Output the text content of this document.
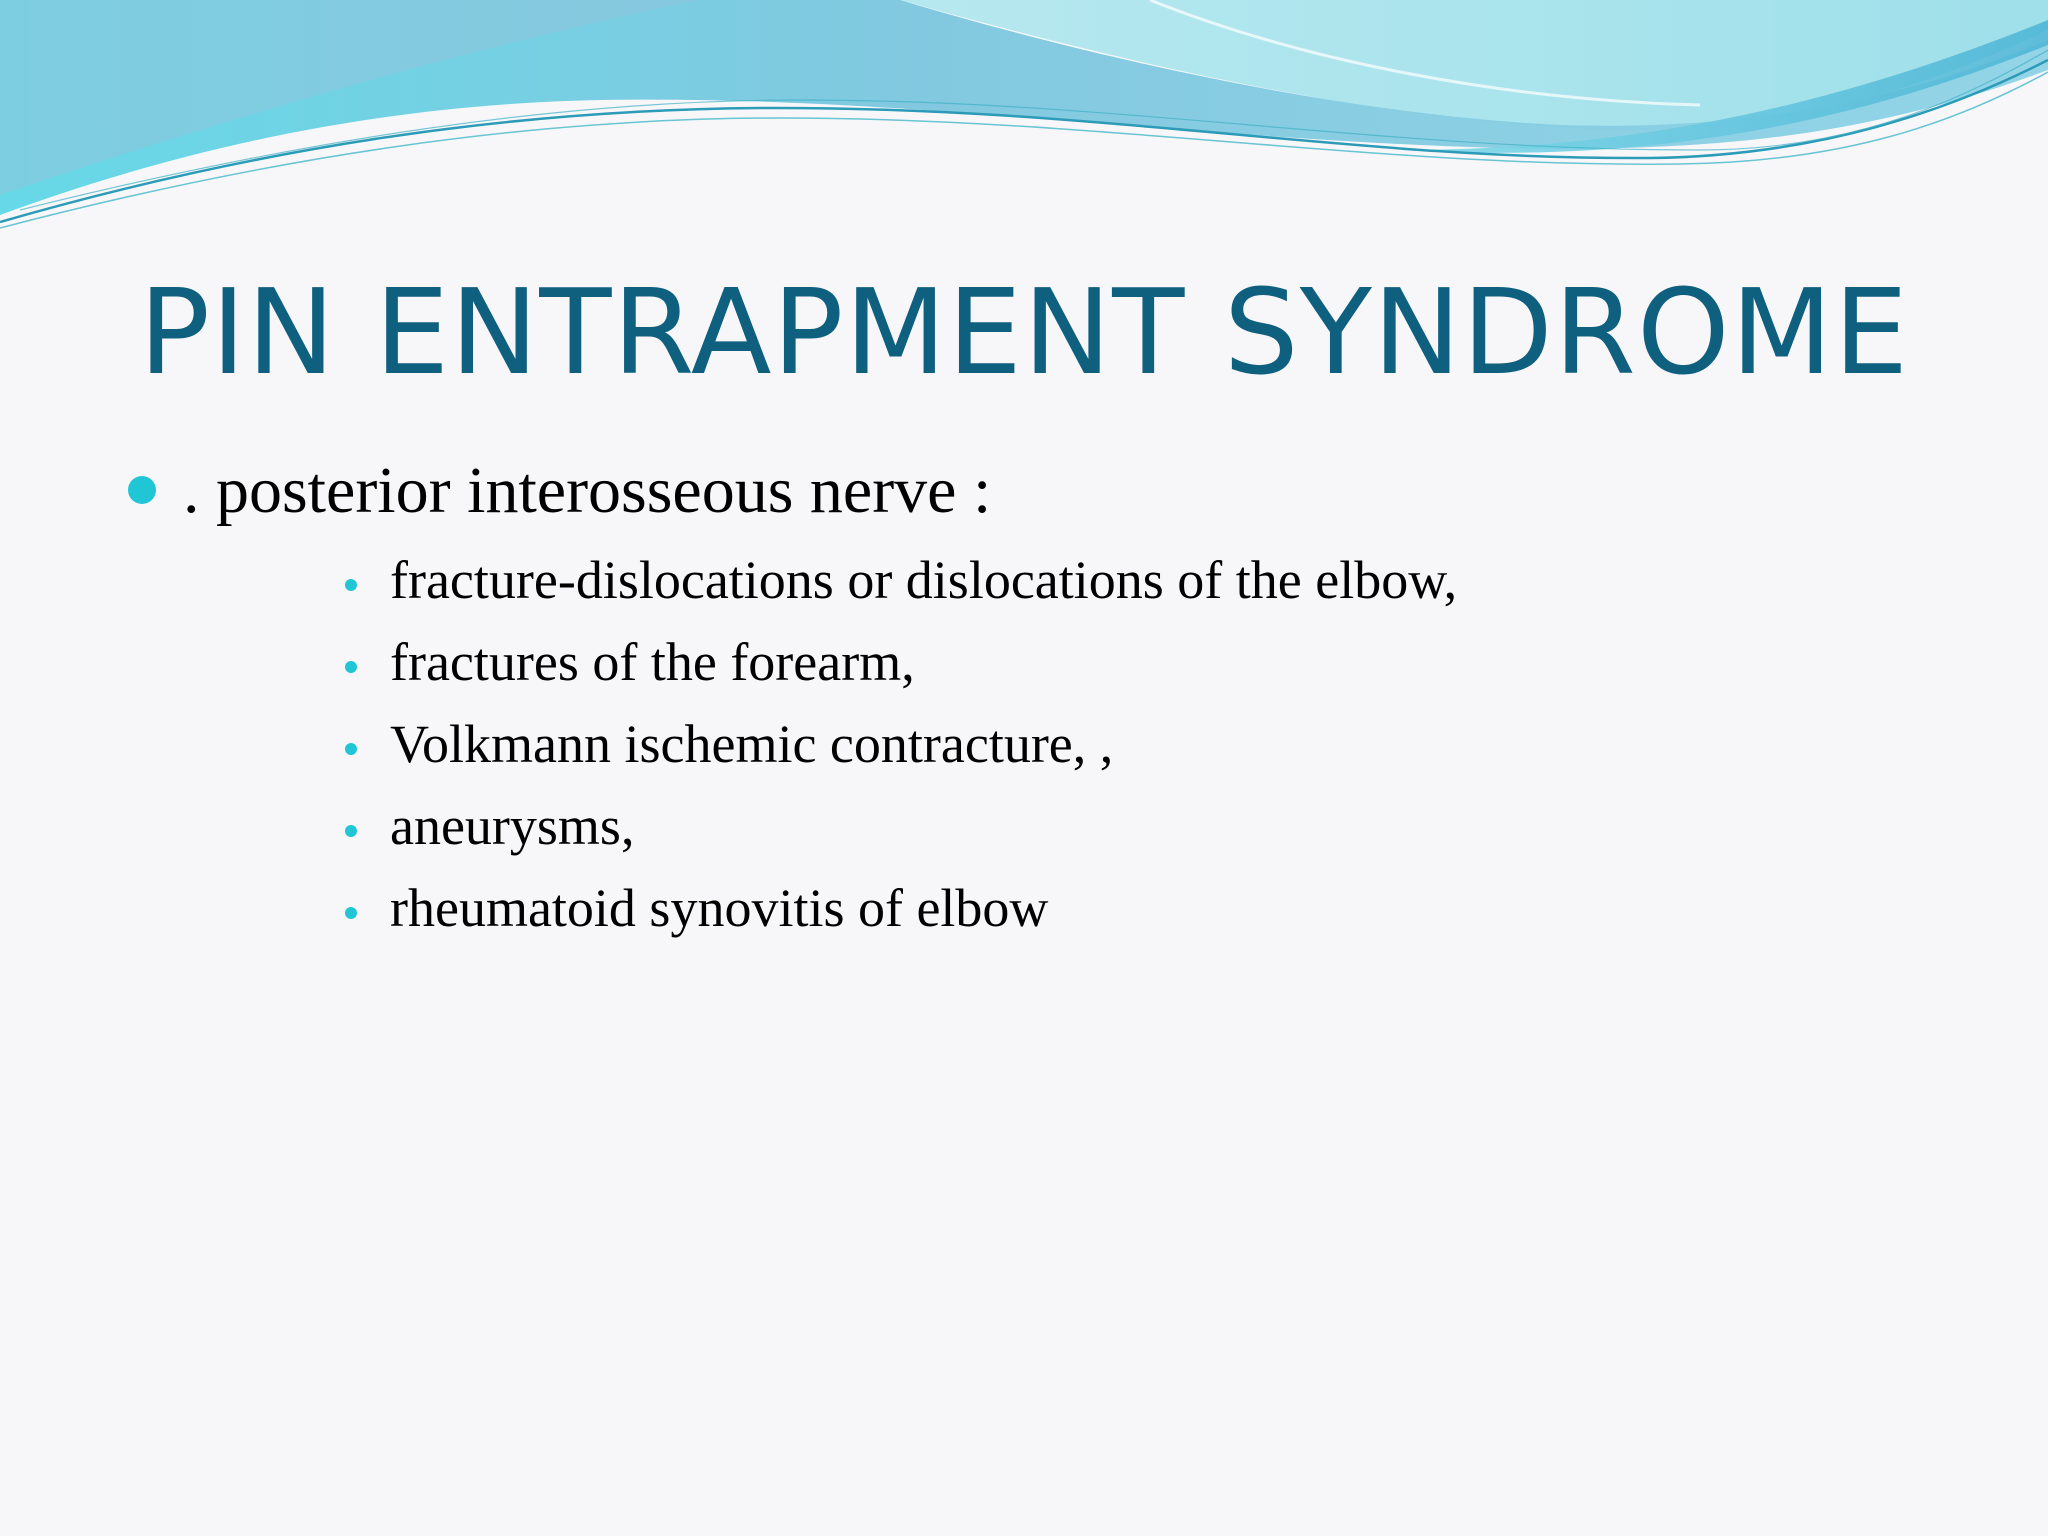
PIN ENTRAPMENT SYNDROME
. posterior interosseous nerve :
fracture-dislocations or dislocations of the elbow,
fractures of the forearm,
Volkmann ischemic contracture, ,
aneurysms,
rheumatoid synovitis of elbow
